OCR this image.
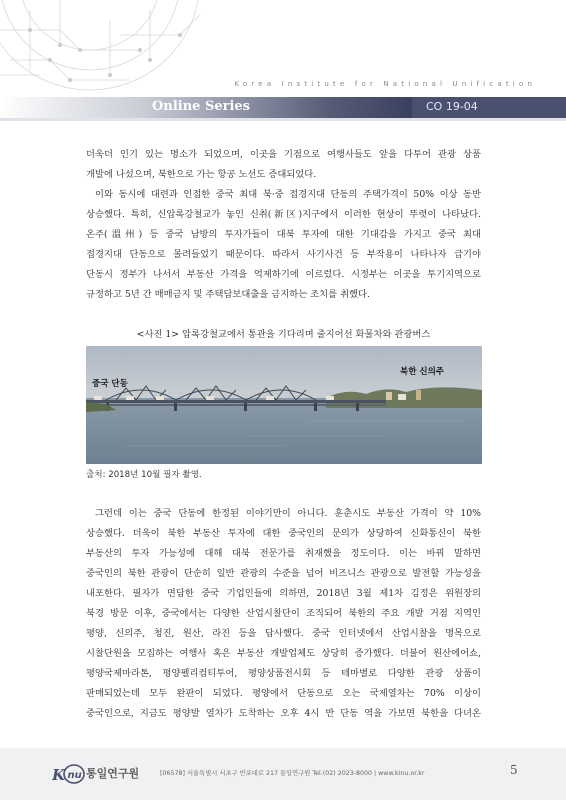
Korea Institute for National Unification
Online Series	CO 19-04
더욱더 인기 있는 명소가 되었으며, 이곳을 기점으로 여행사들도 앞을 다투어 관광 상품
개발에 나섰으며, 북한으로 가는 항공 노선도 증대되었다.
이와 동시에 대련과 인접한 중국 최대 북·중 접경지대 단동의 주택가격이 50% 이상 동반
상승했다. 특히, 신압록강철교가 놓인 신취(新区)지구에서 이러한 현상이 뚜렷이 나타났다.
온주(溫州) 등 중국 남방의 투자가들이 대북 투자에 대한 기대감을 가지고 중국 최대
접경지대 단동으로 몰려들었기 때문이다. 따라서 사기사건 등 부작용이 나타나자 급기야
단동시 정부가 나서서 부동산 가격을 억제하기에 이르렀다. 시정부는 이곳을 투기지역으로
규정하고 5년 간 매매금지 및 주택담보대출을 금지하는 조치를 취했다.
<사진 1> 압록강철교에서 통관을 기다리며 줄지어선 화물차와 관광버스
중국 단동
북한 신의주
출처: 2018년 10월 필자 촬영.
그런데 이는 중국 단동에 한정된 이야기만이 아니다. 훈춘시도 부동산 가격이 약 10%
상승했다. 더욱이 북한 부동산 투자에 대한 중국인의 문의가 상당하여 신화통신이 북한
부동산의 투자 가능성에 대해 대북 전문가를 취재했을 정도이다. 이는 바꿔 말하면
중국인의 북한 관광이 단순히 일반 관광의 수준을 넘어 비즈니스 관광으로 발전할 가능성을
내포한다. 필자가 면담한 중국 기업인들에 의하면, 2018년 3월 제1차 김정은 위원장의
북경 방문 이후, 중국에서는 다양한 산업시찰단이 조직되어 북한의 주요 개발 거점 지역인
평양, 신의주, 청진, 원산, 라진 등을 답사했다. 중국 인터넷에서 산업시찰을 명목으로
시찰단원을 모집하는 여행사 혹은 부동산 개발업체도 상당히 증가했다. 더불어 원산에어쇼,
평양국제마라톤, 평양펠리컴티투어, 평양상품전시회 등 테마별로 다양한 관광 상품이
판매되었는데 모두 완판이 되었다. 평양에서 단동으로 오는 국제열차는 70% 이상이
중국인으로, 지금도 평양발 열차가 도착하는 오후 4시 반 단동 역을 가보면 북한을 다녀온
K nu 통일연구원	[06578] 서울특별시 서초구 반포대로 217 통일연구원 Tel.(02) 2023-8000 | www.kinu.or.kr	5
